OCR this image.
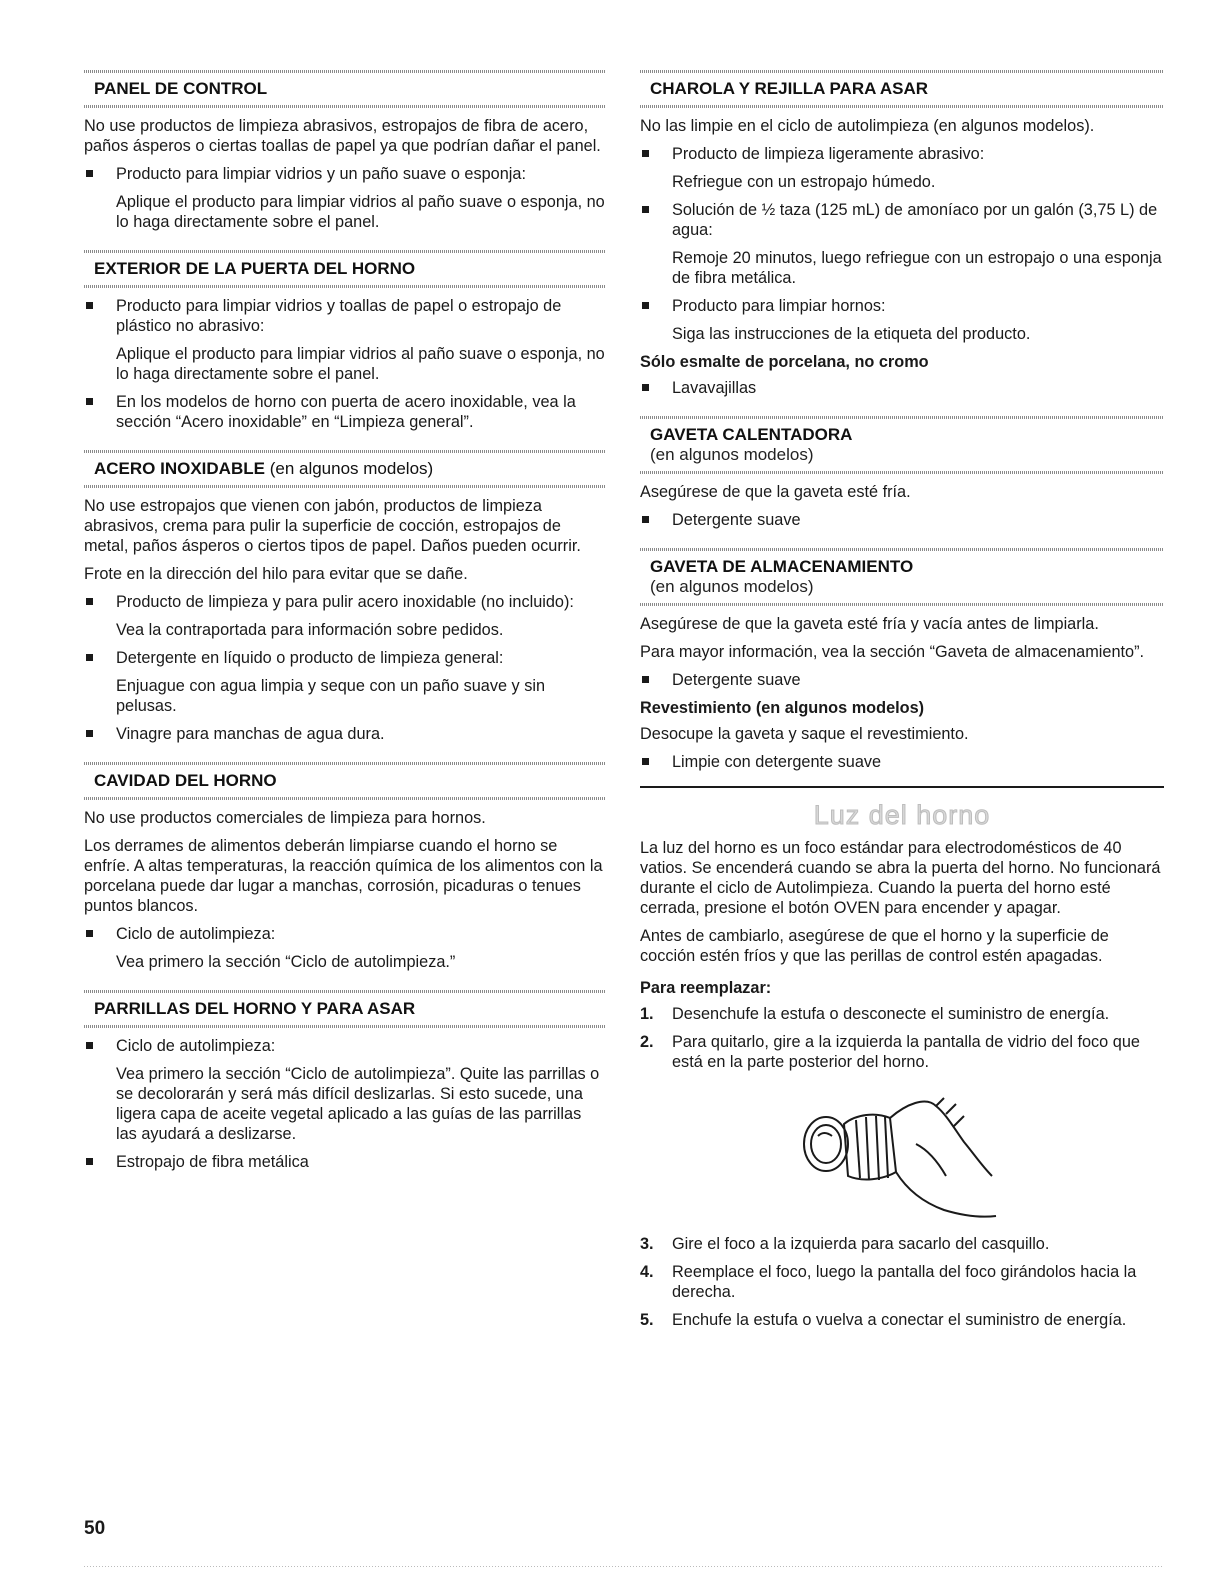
PANEL DE CONTROL

No use productos de limpieza abrasivos, estropajos de fibra de acero, paños ásperos o ciertas toallas de papel ya que podrían dañar el panel.

Producto para limpiar vidrios y un paño suave o esponja:
Aplique el producto para limpiar vidrios al paño suave o esponja, no lo haga directamente sobre el panel.
EXTERIOR DE LA PUERTA DEL HORNO
Producto para limpiar vidrios y toallas de papel o estropajo de plástico no abrasivo:
Aplique el producto para limpiar vidrios al paño suave o esponja, no lo haga directamente sobre el panel.
En los modelos de horno con puerta de acero inoxidable, vea la sección “Acero inoxidable” en “Limpieza general”.
ACERO INOXIDABLE (en algunos modelos)

No use estropajos que vienen con jabón, productos de limpieza abrasivos, crema para pulir la superficie de cocción, estropajos de metal, paños ásperos o ciertos tipos de papel. Daños pueden ocurrir.

Frote en la dirección del hilo para evitar que se dañe.

Producto de limpieza y para pulir acero inoxidable (no incluido):
Vea la contraportada para información sobre pedidos.
Detergente en líquido o producto de limpieza general:
Enjuague con agua limpia y seque con un paño suave y sin pelusas.
Vinagre para manchas de agua dura.
CAVIDAD DEL HORNO

No use productos comerciales de limpieza para hornos.

Los derrames de alimentos deberán limpiarse cuando el horno se enfríe. A altas temperaturas, la reacción química de los alimentos con la porcelana puede dar lugar a manchas, corrosión, picaduras o tenues puntos blancos.

Ciclo de autolimpieza:
Vea primero la sección “Ciclo de autolimpieza.”
PARRILLAS DEL HORNO Y PARA ASAR
Ciclo de autolimpieza:
Vea primero la sección “Ciclo de autolimpieza”. Quite las parrillas o se decolorarán y será más difícil deslizarlas. Si esto sucede, una ligera capa de aceite vegetal aplicado a las guías de las parrillas las ayudará a deslizarse.
Estropajo de fibra metálica
CHAROLA Y REJILLA PARA ASAR

No las limpie en el ciclo de autolimpieza (en algunos modelos).

Producto de limpieza ligeramente abrasivo:
Refriegue con un estropajo húmedo.
Solución de ½ taza (125 mL) de amoníaco por un galón (3,75 L) de agua:
Remoje 20 minutos, luego refriegue con un estropajo o una esponja de fibra metálica.
Producto para limpiar hornos:
Siga las instrucciones de la etiqueta del producto.
Sólo esmalte de porcelana, no cromo
Lavavajillas
GAVETA CALENTADORA
(en algunos modelos)

Asegúrese de que la gaveta esté fría.

Detergente suave
GAVETA DE ALMACENAMIENTO
(en algunos modelos)

Asegúrese de que la gaveta esté fría y vacía antes de limpiarla.

Para mayor información, vea la sección “Gaveta de almacenamiento”.

Detergente suave
Revestimiento (en algunos modelos)

Desocupe la gaveta y saque el revestimiento.

Limpie con detergente suave
Luz del horno

La luz del horno es un foco estándar para electrodomésticos de 40 vatios. Se encenderá cuando se abra la puerta del horno. No funcionará durante el ciclo de Autolimpieza. Cuando la puerta del horno esté cerrada, presione el botón OVEN para encender y apagar.

Antes de cambiarlo, asegúrese de que el horno y la superficie de cocción estén fríos y que las perillas de control estén apagadas.

Para reemplazar:
1. Desenchufe la estufa o desconecte el suministro de energía.
2. Para quitarlo, gire a la izquierda la pantalla de vidrio del foco que está en la parte posterior del horno.
3. Gire el foco a la izquierda para sacarlo del casquillo.
4. Reemplace el foco, luego la pantalla del foco girándolos hacia la derecha.
5. Enchufe la estufa o vuelva a conectar el suministro de energía.
50
